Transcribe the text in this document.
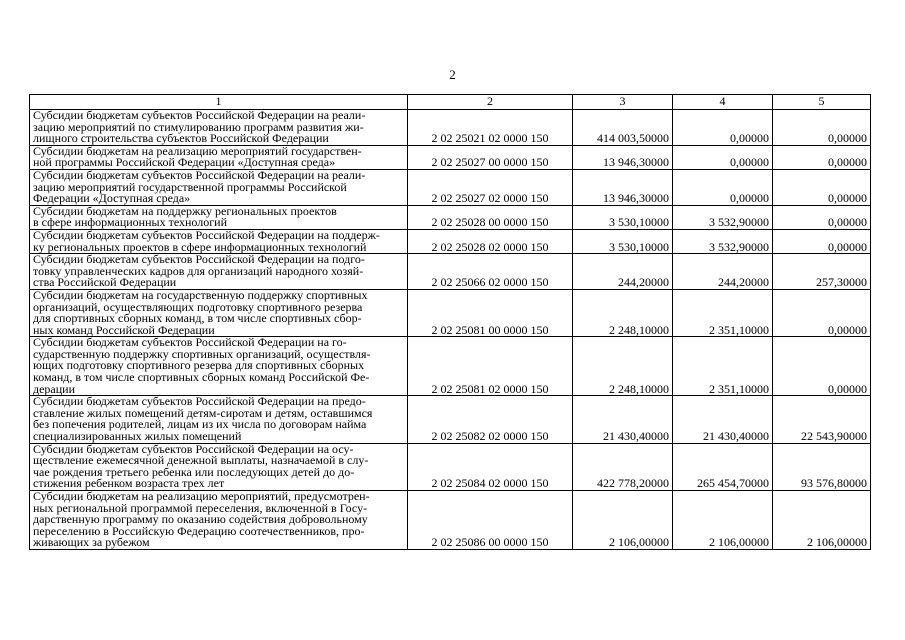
2
1	2	3	4	5
Субсидии бюджетам субъектов Российской Федерации на реали-
зацию мероприятий по стимулированию программ развития жи-
лищного строительства субъектов Российской Федерации	2 02 25021 02 0000 150	414 003,50000	0,00000	0,00000
Субсидии бюджетам на реализацию мероприятий государствен-
ной программы Российской Федерации «Доступная среда»	2 02 25027 00 0000 150	13 946,30000	0,00000	0,00000
Субсидии бюджетам субъектов Российской Федерации на реали-
зацию мероприятий государственной программы Российской
Федерации «Доступная среда»	2 02 25027 02 0000 150	13 946,30000	0,00000	0,00000
Субсидии бюджетам на поддержку региональных проектов
в сфере информационных технологий	2 02 25028 00 0000 150	3 530,10000	3 532,90000	0,00000
Субсидии бюджетам субъектов Российской Федерации на поддерж-
ку региональных проектов в сфере информационных технологий	2 02 25028 02 0000 150	3 530,10000	3 532,90000	0,00000
Субсидии бюджетам субъектов Российской Федерации на подго-
товку управленческих кадров для организаций народного хозяй-
ства Российской Федерации	2 02 25066 02 0000 150	244,20000	244,20000	257,30000
Субсидии бюджетам на государственную поддержку спортивных
организаций, осуществляющих подготовку спортивного резерва
для спортивных сборных команд, в том числе спортивных сбор-
ных команд Российской Федерации	2 02 25081 00 0000 150	2 248,10000	2 351,10000	0,00000
Субсидии бюджетам субъектов Российской Федерации на го-
сударственную поддержку спортивных организаций, осуществля-
ющих подготовку спортивного резерва для спортивных сборных
команд, в том числе спортивных сборных команд Российской Фе-
дерации	2 02 25081 02 0000 150	2 248,10000	2 351,10000	0,00000
Субсидии бюджетам субъектов Российской Федерации на предо-
ставление жилых помещений детям-сиротам и детям, оставшимся
без попечения родителей, лицам из их числа по договорам найма
специализированных жилых помещений	2 02 25082 02 0000 150	21 430,40000	21 430,40000	22 543,90000
Субсидии бюджетам субъектов Российской Федерации на осу-
ществление ежемесячной денежной выплаты, назначаемой в слу-
чае рождения третьего ребенка или последующих детей до до-
стижения ребенком возраста трех лет	2 02 25084 02 0000 150	422 778,20000	265 454,70000	93 576,80000
Субсидии бюджетам на реализацию мероприятий, предусмотрен-
ных региональной программой переселения, включенной в Госу-
дарственную программу по оказанию содействия добровольному
переселению в Российскую Федерацию соотечественников, про-
живающих за рубежом	2 02 25086 00 0000 150	2 106,00000	2 106,00000	2 106,00000
